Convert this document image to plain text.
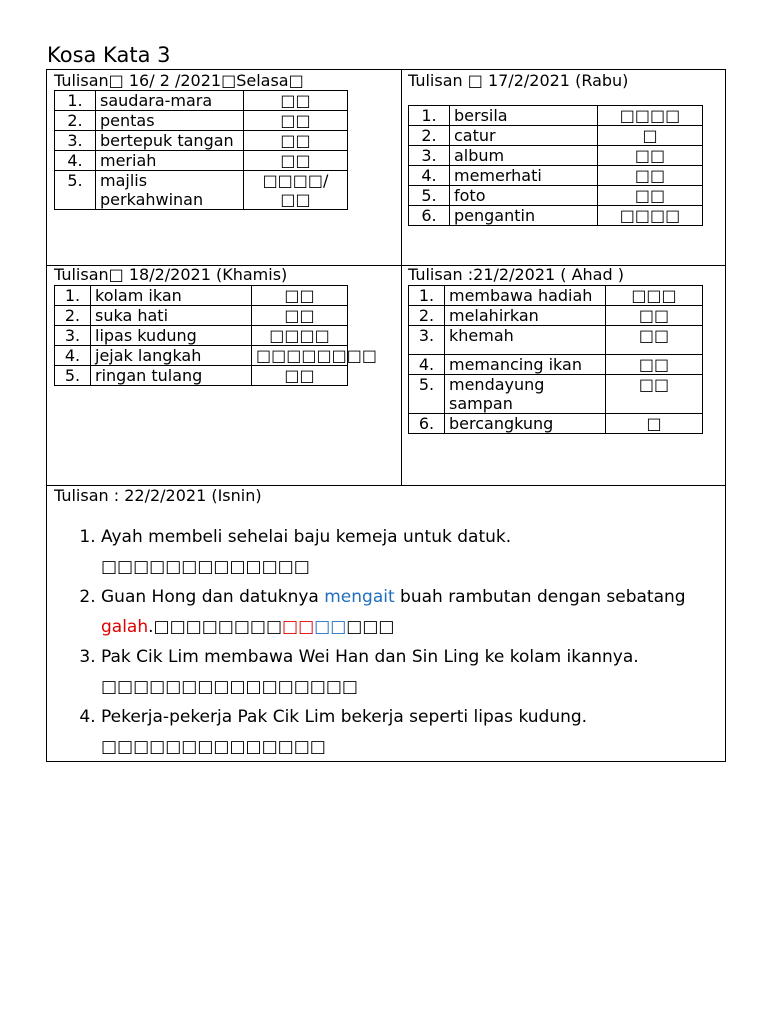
Kosa Kata 3
Tulisan□ 16/ 2 /2021□Selasa□
1.	saudara-mara	□□
2.	pentas	□□
3.	bertepuk tangan	□□
4.	meriah	□□
5.	majlis perkahwinan	□□□□/□□
Tulisan □ 17/2/2021 (Rabu)
1.	bersila	□□□□
2.	catur	□
3.	album	□□
4.	memerhati	□□
5.	foto	□□
6.	pengantin	□□□□
Tulisan□ 18/2/2021 (Khamis)
1.	kolam ikan	□□
2.	suka hati	□□
3.	lipas kudung	□□□□
4.	jejak langkah	□□□□□□□□
5.	ringan tulang	□□
Tulisan :21/2/2021 ( Ahad )
1.	membawa hadiah	□□□
2.	melahirkan	□□
3.	khemah	□□
4.	memancing ikan	□□
5.	mendayung sampan	□□
6.	bercangkung	□
Tulisan : 22/2/2021 (Isnin)
1. Ayah membeli sehelai baju kemeja untuk datuk.
□□□□□□□□□□□□□
2. Guan Hong dan datuknya mengait buah rambutan dengan sebatang galah.□□□□□□□□□□□□□□□
3. Pak Cik Lim membawa Wei Han dan Sin Ling ke kolam ikannya.
□□□□□□□□□□□□□□□□
4. Pekerja-pekerja Pak Cik Lim bekerja seperti lipas kudung.
□□□□□□□□□□□□□□
